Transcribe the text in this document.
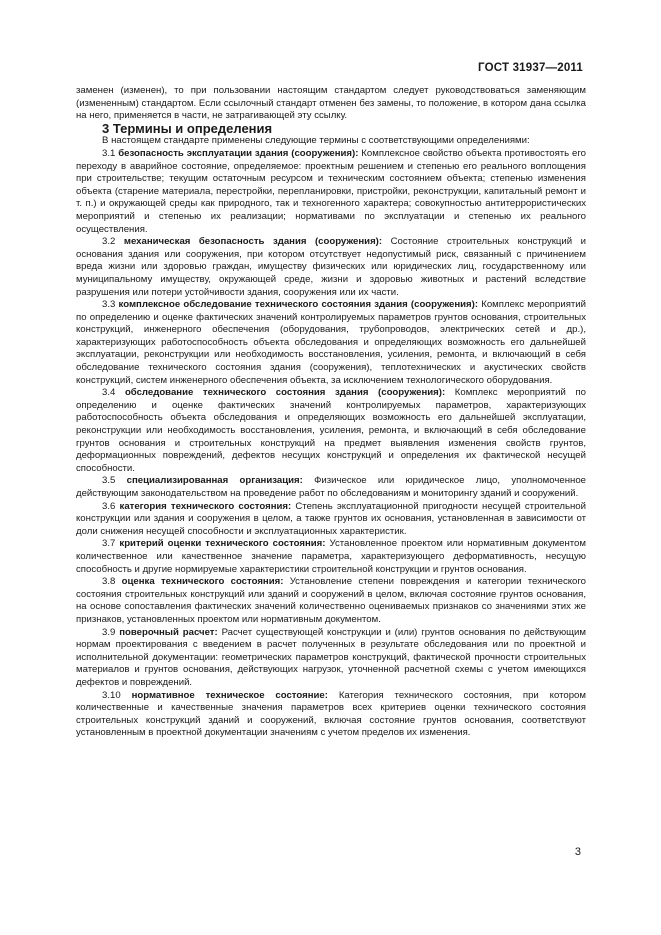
ГОСТ 31937—2011

заменен (изменен), то при пользовании настоящим стандартом следует руководствоваться заменяющим (измененным) стандартом. Если ссылочный стандарт отменен без замены, то положение, в котором дана ссылка на него, применяется в части, не затрагивающей эту ссылку.

3 Термины и определения

В настоящем стандарте применены следующие термины с соответствующими определениями:

3.1 безопасность эксплуатации здания (сооружения): Комплексное свойство объекта противостоять его переходу в аварийное состояние, определяемое: проектным решением и степенью его реального воплощения при строительстве; текущим остаточным ресурсом и техническим состоянием объекта; степенью изменения объекта (старение материала, перестройки, перепланировки, пристройки, реконструкции, капитальный ремонт и т. п.) и окружающей среды как природного, так и техногенного характера; совокупностью антитеррористических мероприятий и степенью их реализации; нормативами по эксплуатации и степенью их реального осуществления.

3.2 механическая безопасность здания (сооружения): Состояние строительных конструкций и основания здания или сооружения, при котором отсутствует недопустимый риск, связанный с причинением вреда жизни или здоровью граждан, имуществу физических или юридических лиц, государственному или муниципальному имуществу, окружающей среде, жизни и здоровью животных и растений вследствие разрушения или потери устойчивости здания, сооружения или их части.

3.3 комплексное обследование технического состояния здания (сооружения): Комплекс мероприятий по определению и оценке фактических значений контролируемых параметров грунтов основания, строительных конструкций, инженерного обеспечения (оборудования, трубопроводов, электрических сетей и др.), характеризующих работоспособность объекта обследования и определяющих возможность его дальнейшей эксплуатации, реконструкции или необходимость восстановления, усиления, ремонта, и включающий в себя обследование технического состояния здания (сооружения), теплотехнических и акустических свойств конструкций, систем инженерного обеспечения объекта, за исключением технологического оборудования.

3.4 обследование технического состояния здания (сооружения): Комплекс мероприятий по определению и оценке фактических значений контролируемых параметров, характеризующих работоспособность объекта обследования и определяющих возможность его дальнейшей эксплуатации, реконструкции или необходимость восстановления, усиления, ремонта, и включающий в себя обследование грунтов основания и строительных конструкций на предмет выявления изменения свойств грунтов, деформационных повреждений, дефектов несущих конструкций и определения их фактической несущей способности.

3.5 специализированная организация: Физическое или юридическое лицо, уполномоченное действующим законодательством на проведение работ по обследованиям и мониторингу зданий и сооружений.

3.6 категория технического состояния: Степень эксплуатационной пригодности несущей строительной конструкции или здания и сооружения в целом, а также грунтов их основания, установленная в зависимости от доли снижения несущей способности и эксплуатационных характеристик.

3.7 критерий оценки технического состояния: Установленное проектом или нормативным документом количественное или качественное значение параметра, характеризующего деформативность, несущую способность и другие нормируемые характеристики строительной конструкции и грунтов основания.

3.8 оценка технического состояния: Установление степени повреждения и категории технического состояния строительных конструкций или зданий и сооружений в целом, включая состояние грунтов основания, на основе сопоставления фактических значений количественно оцениваемых признаков со значениями этих же признаков, установленных проектом или нормативным документом.

3.9 поверочный расчет: Расчет существующей конструкции и (или) грунтов основания по действующим нормам проектирования с введением в расчет полученных в результате обследования или по проектной и исполнительной документации: геометрических параметров конструкций, фактической прочности строительных материалов и грунтов основания, действующих нагрузок, уточненной расчетной схемы с учетом имеющихся дефектов и повреждений.

3.10 нормативное техническое состояние: Категория технического состояния, при котором количественные и качественные значения параметров всех критериев оценки технического состояния строительных конструкций зданий и сооружений, включая состояние грунтов основания, соответствуют установленным в проектной документации значениям с учетом пределов их изменения.

3
